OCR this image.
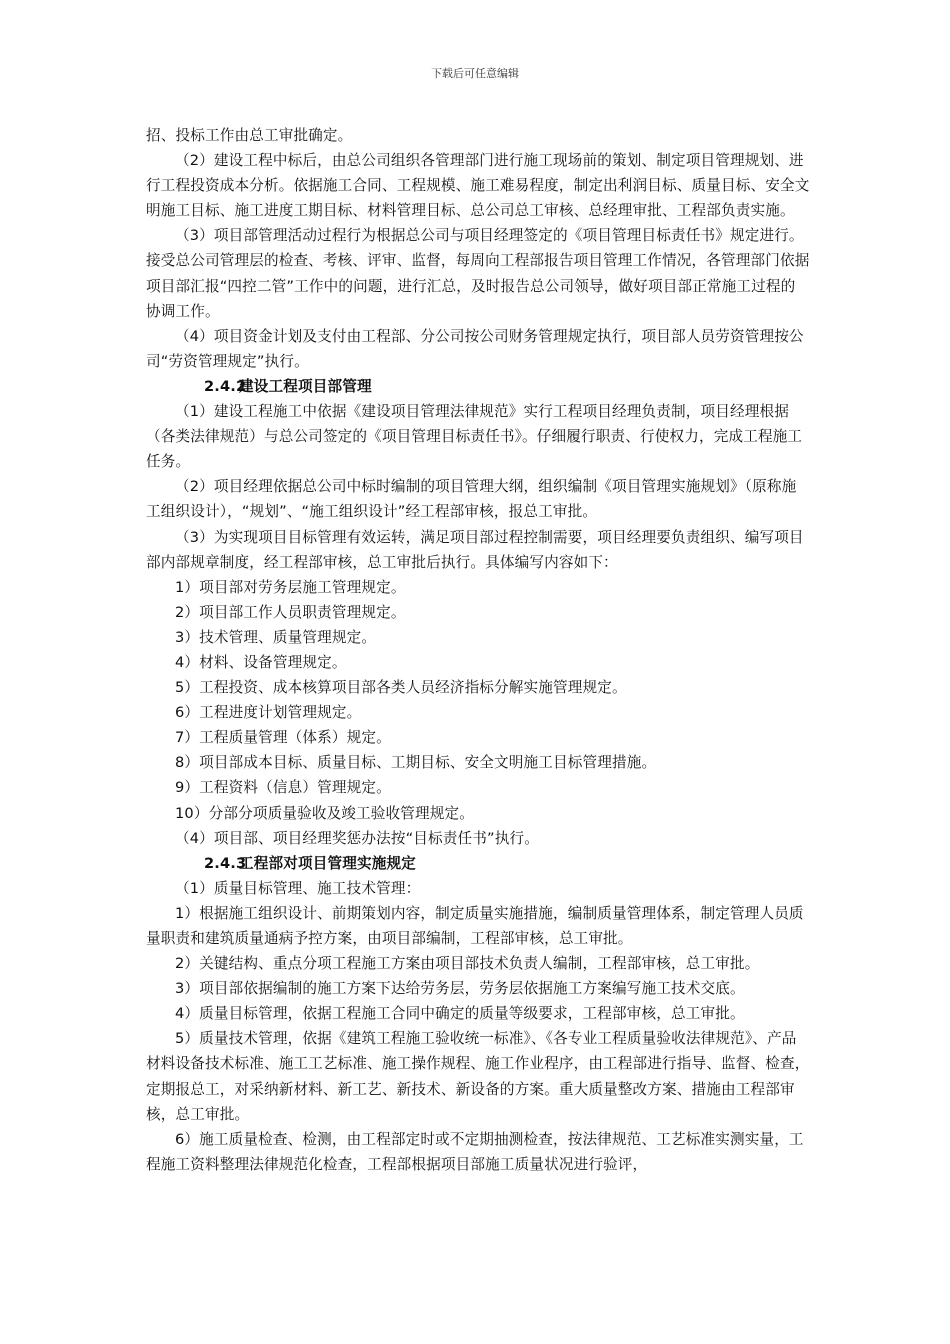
下载后可任意编辑

招、投标工作由总工审批确定。

（2）建设工程中标后，由总公司组织各管理部门进行施工现场前的策划、制定项目管理规划、进行工程投资成本分析。依据施工合同、工程规模、施工难易程度，制定出利润目标、质量目标、安全文明施工目标、施工进度工期目标、材料管理目标、总公司总工审核、总经理审批、工程部负责实施。

（3）项目部管理活动过程行为根据总公司与项目经理签定的《项目管理目标责任书》规定进行。接受总公司管理层的检查、考核、评审、监督，每周向工程部报告项目管理工作情况，各管理部门依据项目部汇报“四控二管”工作中的问题，进行汇总，及时报告总公司领导，做好项目部正常施工过程的协调工作。

（4）项目资金计划及支付由工程部、分公司按公司财务管理规定执行，项目部人员劳资管理按公司“劳资管理规定”执行。

2.4.2建设工程项目部管理

（1）建设工程施工中依据《建设项目管理法律规范》实行工程项目经理负责制，项目经理根据（各类法律规范）与总公司签定的《项目管理目标责任书》。仔细履行职责、行使权力，完成工程施工任务。

（2）项目经理依据总公司中标时编制的项目管理大纲，组织编制《项目管理实施规划》（原称施工组织设计），“规划”、“施工组织设计”经工程部审核，报总工审批。

（3）为实现项目目标管理有效运转，满足项目部过程控制需要，项目经理要负责组织、编写项目部内部规章制度，经工程部审核，总工审批后执行。具体编写内容如下：

1）项目部对劳务层施工管理规定。

2）项目部工作人员职责管理规定。

3）技术管理、质量管理规定。

4）材料、设备管理规定。

5）工程投资、成本核算项目部各类人员经济指标分解实施管理规定。

6）工程进度计划管理规定。

7）工程质量管理（体系）规定。

8）项目部成本目标、质量目标、工期目标、安全文明施工目标管理措施。

9）工程资料（信息）管理规定。

10）分部分项质量验收及竣工验收管理规定。

（4）项目部、项目经理奖惩办法按“目标责任书”执行。

2.4.3工程部对项目管理实施规定

（1）质量目标管理、施工技术管理：

1）根据施工组织设计、前期策划内容，制定质量实施措施，编制质量管理体系，制定管理人员质量职责和建筑质量通病予控方案，由项目部编制，工程部审核，总工审批。

2）关键结构、重点分项工程施工方案由项目部技术负责人编制，工程部审核，总工审批。

3）项目部依据编制的施工方案下达给劳务层，劳务层依据施工方案编写施工技术交底。

4）质量目标管理，依据工程施工合同中确定的质量等级要求，工程部审核，总工审批。

5）质量技术管理，依据《建筑工程施工验收统一标准》、《各专业工程质量验收法律规范》、产品材料设备技术标准、施工工艺标准、施工操作规程、施工作业程序，由工程部进行指导、监督、检查，定期报总工，对采纳新材料、新工艺、新技术、新设备的方案。重大质量整改方案、措施由工程部审核，总工审批。

6）施工质量检查、检测，由工程部定时或不定期抽测检查，按法律规范、工艺标准实测实量，工程施工资料整理法律规范化检查，工程部根据项目部施工质量状况进行验评，
